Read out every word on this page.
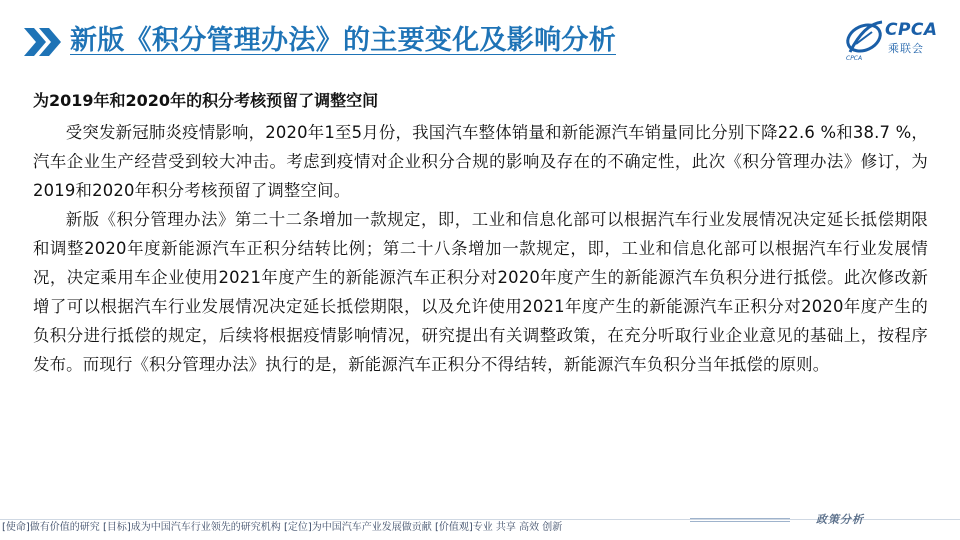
新版《积分管理办法》的主要变化及影响分析	CPCA
乘联会
CPCA
为2019年和2020年的积分考核预留了调整空间

受突发新冠肺炎疫情影响，2020年1至5月份，我国汽车整体销量和新能源汽车销量同比分别下降22.6 %和38.7 %，汽车企业生产经营受到较大冲击。考虑到疫情对企业积分合规的影响及存在的不确定性，此次《积分管理办法》修订，为2019和2020年积分考核预留了调整空间。

新版《积分管理办法》第二十二条增加一款规定，即，工业和信息化部可以根据汽车行业发展情况决定延长抵偿期限和调整2020年度新能源汽车正积分结转比例；第二十八条增加一款规定，即，工业和信息化部可以根据汽车行业发展情况，决定乘用车企业使用2021年度产生的新能源汽车正积分对2020年度产生的新能源汽车负积分进行抵偿。此次修改新增了可以根据汽车行业发展情况决定延长抵偿期限，以及允许使用2021年度产生的新能源汽车正积分对2020年度产生的负积分进行抵偿的规定，后续将根据疫情影响情况，研究提出有关调整政策，在充分听取行业企业意见的基础上，按程序发布。而现行《积分管理办法》执行的是，新能源汽车正积分不得结转，新能源汽车负积分当年抵偿的原则。

[使命]做有价值的研究 [目标]成为中国汽车行业领先的研究机构 [定位]为中国汽车产业发展做贡献 [价值观]专业 共享 高效 创新
政策分析
